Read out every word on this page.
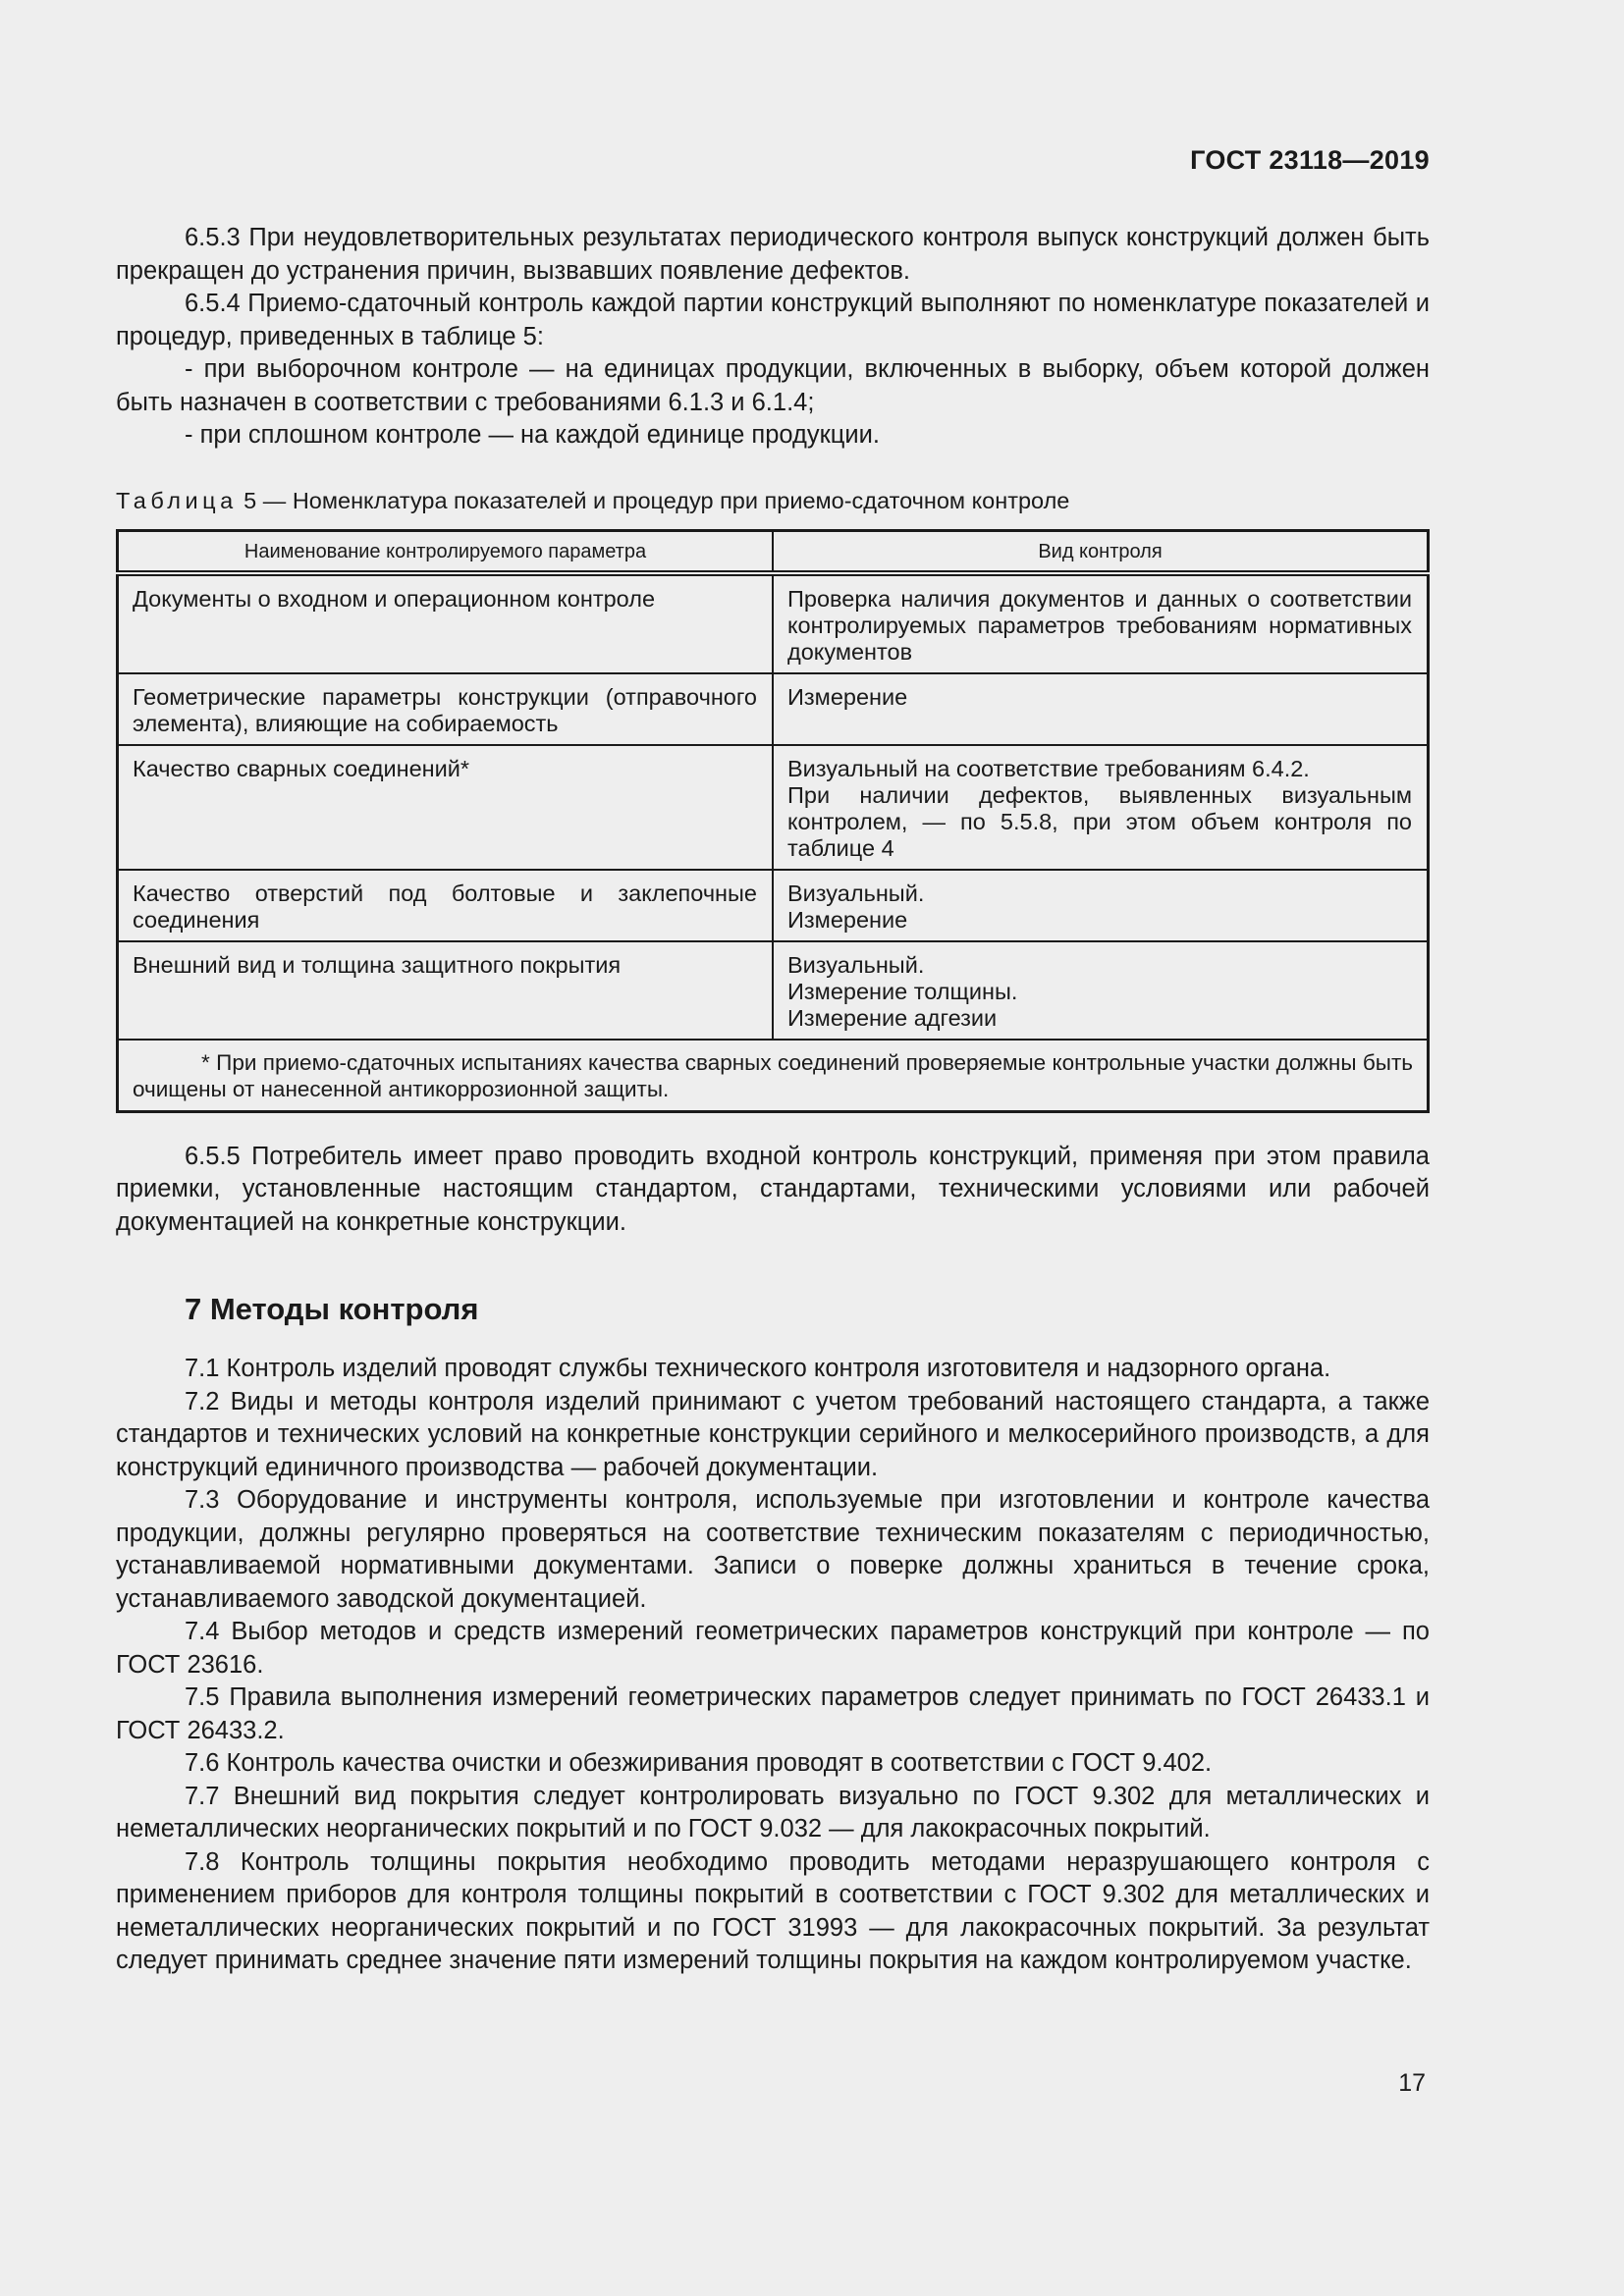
ГОСТ 23118—2019

6.5.3 При неудовлетворительных результатах периодического контроля выпуск конструкций должен быть прекращен до устранения причин, вызвавших появление дефектов.

6.5.4 Приемо-сдаточный контроль каждой партии конструкций выполняют по номенклатуре показателей и процедур, приведенных в таблице 5:

- при выборочном контроле — на единицах продукции, включенных в выборку, объем которой должен быть назначен в соответствии с требованиями 6.1.3 и 6.1.4;

- при сплошном контроле — на каждой единице продукции.

Таблица 5 — Номенклатура показателей и процедур при приемо-сдаточном контроле
Наименование контролируемого параметра	Вид контроля
Документы о входном и операционном контроле	Проверка наличия документов и данных о соответствии контролируемых параметров требованиям нормативных документов

Геометрические параметры конструкции (отправочного элемента), влияющие на собираемость	Измерение

Качество сварных соединений*	Визуальный на соответствие требованиям 6.4.2.
При наличии дефектов, выявленных визуальным контролем, — по 5.5.8, при этом объем контроля по таблице 4

Качество отверстий под болтовые и заклепочные соединения	Визуальный.
Измерение

Внешний вид и толщина защитного покрытия	Визуальный.
Измерение толщины.
Измерение адгезии

* При приемо-сдаточных испытаниях качества сварных соединений проверяемые контрольные участки должны быть очищены от нанесенной антикоррозионной защиты.	

6.5.5 Потребитель имеет право проводить входной контроль конструкций, применяя при этом правила приемки, установленные настоящим стандартом, стандартами, техническими условиями или рабочей документацией на конкретные конструкции.

7 Методы контроля

7.1 Контроль изделий проводят службы технического контроля изготовителя и надзорного органа.

7.2 Виды и методы контроля изделий принимают с учетом требований настоящего стандарта, а также стандартов и технических условий на конкретные конструкции серийного и мелкосерийного производств, а для конструкций единичного производства — рабочей документации.

7.3 Оборудование и инструменты контроля, используемые при изготовлении и контроле качества продукции, должны регулярно проверяться на соответствие техническим показателям с периодичностью, устанавливаемой нормативными документами. Записи о поверке должны храниться в течение срока, устанавливаемого заводской документацией.

7.4 Выбор методов и средств измерений геометрических параметров конструкций при контроле — по ГОСТ 23616.

7.5 Правила выполнения измерений геометрических параметров следует принимать по ГОСТ 26433.1 и ГОСТ 26433.2.

7.6 Контроль качества очистки и обезжиривания проводят в соответствии с ГОСТ 9.402.

7.7 Внешний вид покрытия следует контролировать визуально по ГОСТ 9.302 для металлических и неметаллических неорганических покрытий и по ГОСТ 9.032 — для лакокрасочных покрытий.

7.8 Контроль толщины покрытия необходимо проводить методами неразрушающего контроля с применением приборов для контроля толщины покрытий в соответствии с ГОСТ 9.302 для металлических и неметаллических неорганических покрытий и по ГОСТ 31993 — для лакокрасочных покрытий. За результат следует принимать среднее значение пяти измерений толщины покрытия на каждом контролируемом участке.

17
